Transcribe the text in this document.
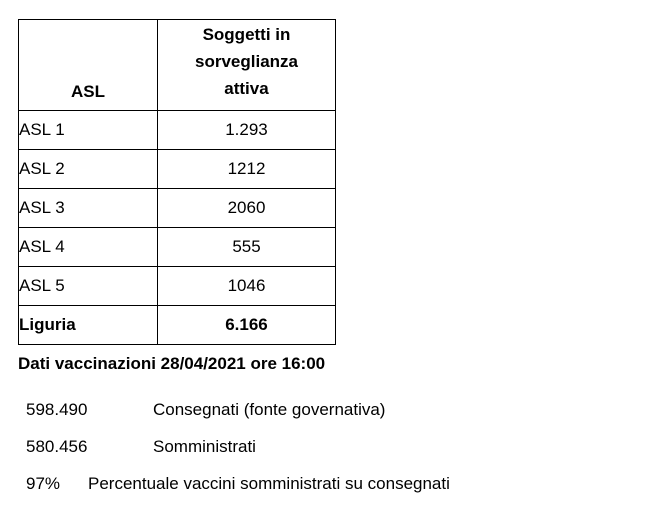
ASL	Soggetti in
sorveglianza
attiva
ASL 1	1.293
ASL 2	1212
ASL 3	2060
ASL 4	555
ASL 5	1046
Liguria	6.166
Dati vaccinazioni 28/04/2021 ore 16:00
598.490	Consegnati (fonte governativa)
580.456	Somministrati
97% Percentuale vaccini somministrati su consegnati
